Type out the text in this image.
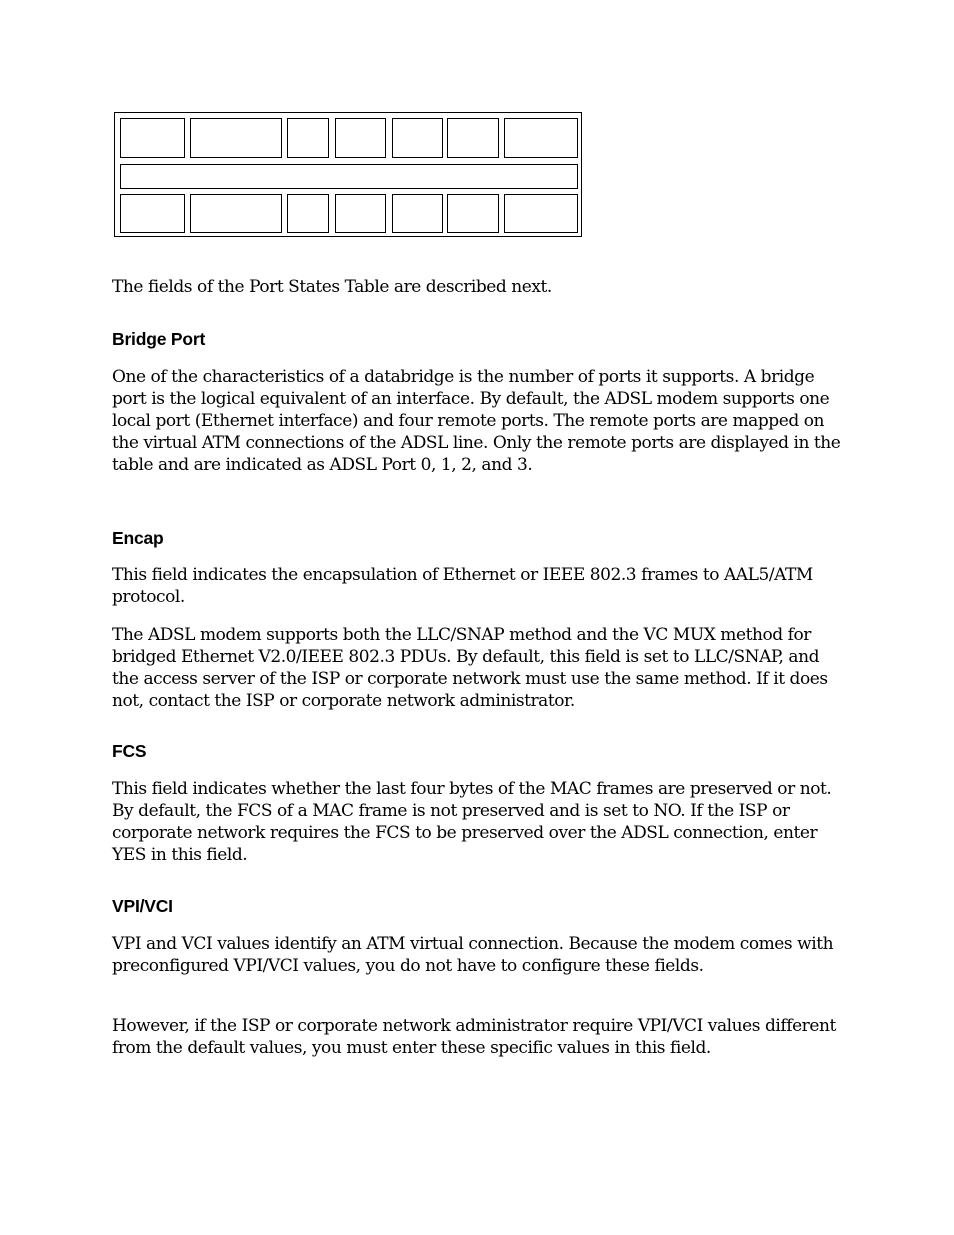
The fields of the Port States Table are described next.

Bridge Port

One of the characteristics of a databridge is the number of ports it supports. A bridge port is the logical equivalent of an interface. By default, the ADSL modem supports one local port (Ethernet interface) and four remote ports. The remote ports are mapped on the virtual ATM connections of the ADSL line. Only the remote ports are displayed in the table and are indicated as ADSL Port 0, 1, 2, and 3.

Encap

This field indicates the encapsulation of Ethernet or IEEE 802.3 frames to AAL5/ATM protocol.

The ADSL modem supports both the LLC/SNAP method and the VC MUX method for bridged Ethernet V2.0/IEEE 802.3 PDUs. By default, this field is set to LLC/SNAP, and the access server of the ISP or corporate network must use the same method. If it does not, contact the ISP or corporate network administrator.

FCS

This field indicates whether the last four bytes of the MAC frames are preserved or not. By default, the FCS of a MAC frame is not preserved and is set to NO. If the ISP or corporate network requires the FCS to be preserved over the ADSL connection, enter YES in this field.

VPI/VCI

VPI and VCI values identify an ATM virtual connection. Because the modem comes with preconfigured VPI/VCI values, you do not have to configure these fields.

However, if the ISP or corporate network administrator require VPI/VCI values different from the default values, you must enter these specific values in this field.
